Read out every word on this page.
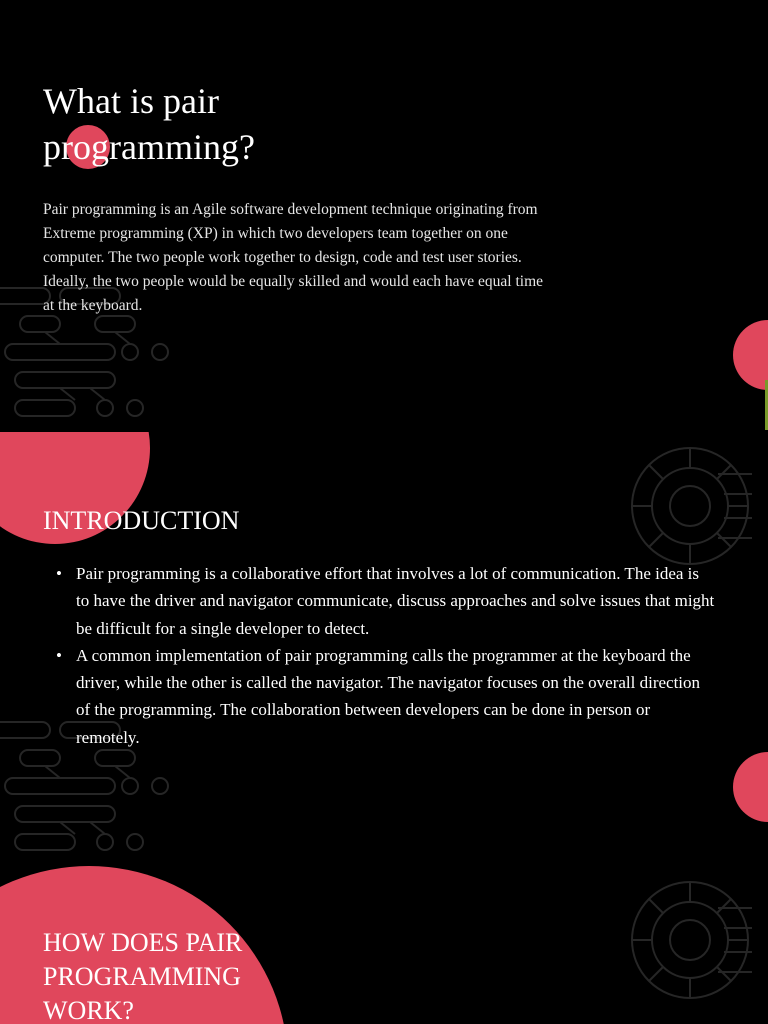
What is pair programming?

Pair programming is an Agile software development technique originating from Extreme programming (XP) in which two developers team together on one computer. The two people work together to design, code and test user stories. Ideally, the two people would be equally skilled and would each have equal time at the keyboard.

INTRODUCTION
• Pair programming is a collaborative effort that involves a lot of communication. The idea is to have the driver and navigator communicate, discuss approaches and solve issues that might be difficult for a single developer to detect.
• A common implementation of pair programming calls the programmer at the keyboard the driver, while the other is called the navigator. The navigator focuses on the overall direction of the programming. The collaboration between developers can be done in person or remotely.
HOW DOES PAIR PROGRAMMING WORK?
